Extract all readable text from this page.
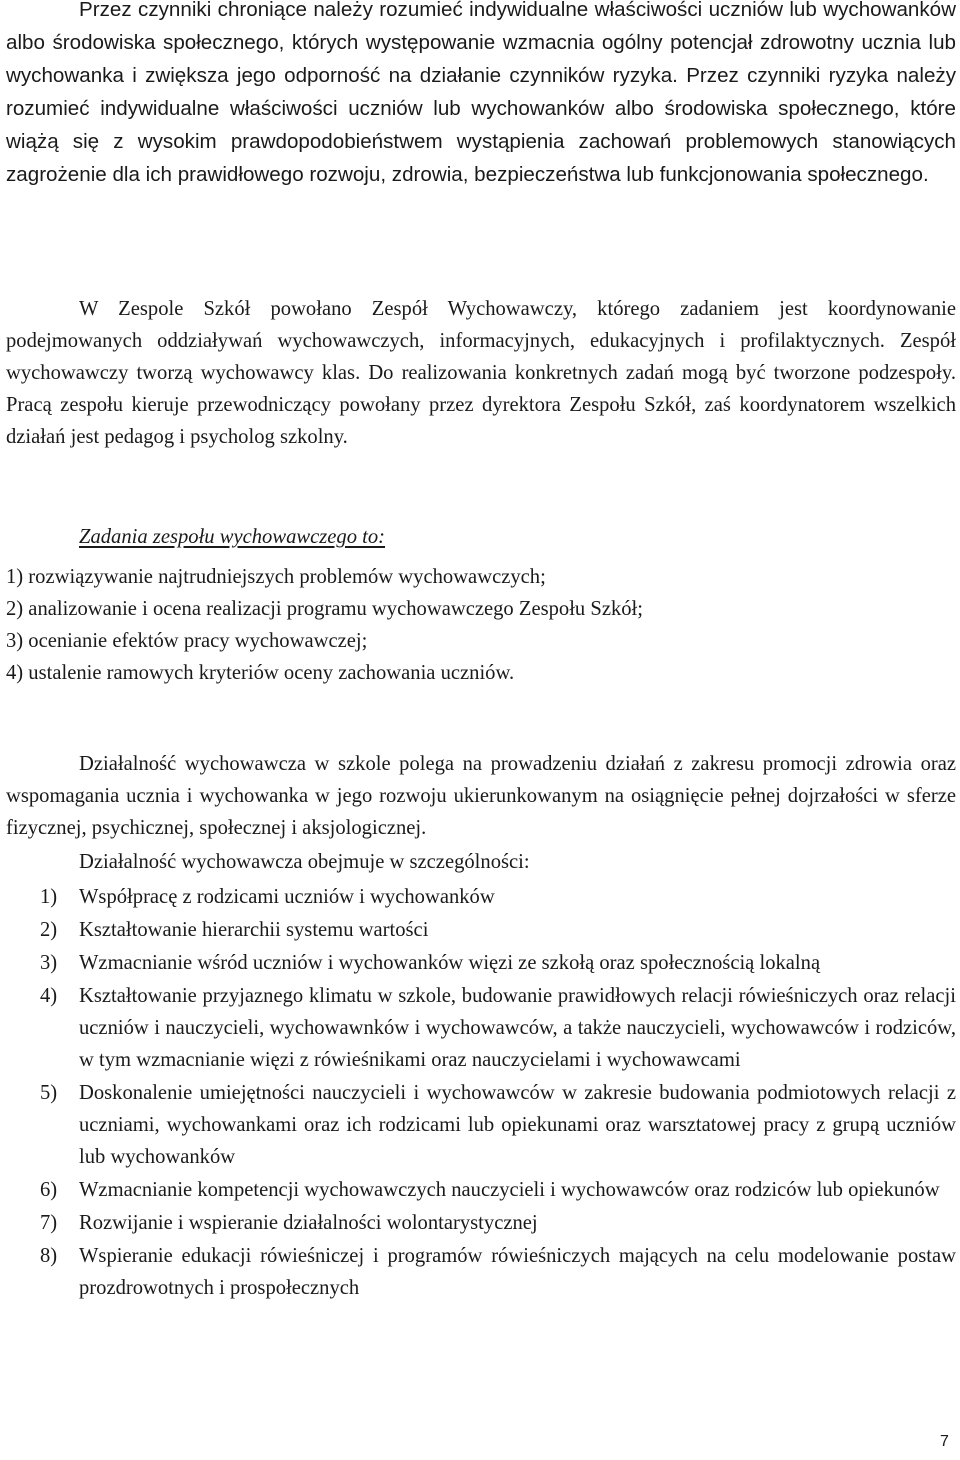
Przez czynniki chroniące należy rozumieć indywidualne właściwości uczniów lub wychowanków albo środowiska społecznego, których występowanie wzmacnia ogólny potencjał zdrowotny ucznia lub wychowanka i zwiększa jego odporność na działanie czynników ryzyka. Przez czynniki ryzyka należy rozumieć indywidualne właściwości uczniów lub wychowanków albo środowiska społecznego, które wiążą się z wysokim prawdopodobieństwem wystąpienia zachowań problemowych stanowiących zagrożenie dla ich prawidłowego rozwoju, zdrowia, bezpieczeństwa lub funkcjonowania społecznego.

W Zespole Szkół powołano Zespół Wychowawczy, którego zadaniem jest koordynowanie podejmowanych oddziaływań wychowawczych, informacyjnych, edukacyjnych i profilaktycznych. Zespół wychowawczy tworzą wychowawcy klas. Do realizowania konkretnych zadań mogą być tworzone podzespoły. Pracą zespołu kieruje przewodniczący powołany przez dyrektora Zespołu Szkół, zaś koordynatorem wszelkich działań jest pedagog i psycholog szkolny.

Zadania zespołu wychowawczego to:

1) rozwiązywanie najtrudniejszych problemów wychowawczych;
2) analizowanie i ocena realizacji programu wychowawczego Zespołu Szkół;
3) ocenianie efektów pracy wychowawczej;
4) ustalenie ramowych kryteriów oceny zachowania uczniów.

Działalność wychowawcza w szkole polega na prowadzeniu działań z zakresu promocji zdrowia oraz wspomagania ucznia i wychowanka w jego rozwoju ukierunkowanym na osiągnięcie pełnej dojrzałości w sferze fizycznej, psychicznej, społecznej i aksjologicznej.

Działalność wychowawcza obejmuje w szczególności:

1) Współpracę z rodzicami uczniów i wychowanków
2) Kształtowanie hierarchii systemu wartości
3) Wzmacnianie wśród uczniów i wychowanków więzi ze szkołą oraz społecznością lokalną
4) Kształtowanie przyjaznego klimatu w szkole, budowanie prawidłowych relacji rówieśniczych oraz relacji uczniów i nauczycieli, wychowawnków i wychowawców, a także nauczycieli, wychowawców i rodziców, w tym wzmacnianie więzi z rówieśnikami oraz nauczycielami i wychowawcami
5) Doskonalenie umiejętności nauczycieli i wychowawców w zakresie budowania podmiotowych relacji z uczniami, wychowankami oraz ich rodzicami lub opiekunami oraz warsztatowej pracy z grupą uczniów lub wychowanków
6) Wzmacnianie kompetencji wychowawczych nauczycieli i wychowawców oraz rodziców lub opiekunów
7) Rozwijanie i wspieranie działalności wolontarystycznej
8) Wspieranie edukacji rówieśniczej i programów rówieśniczych mających na celu modelowanie postaw prozdrowotnych i prospołecznych
7
